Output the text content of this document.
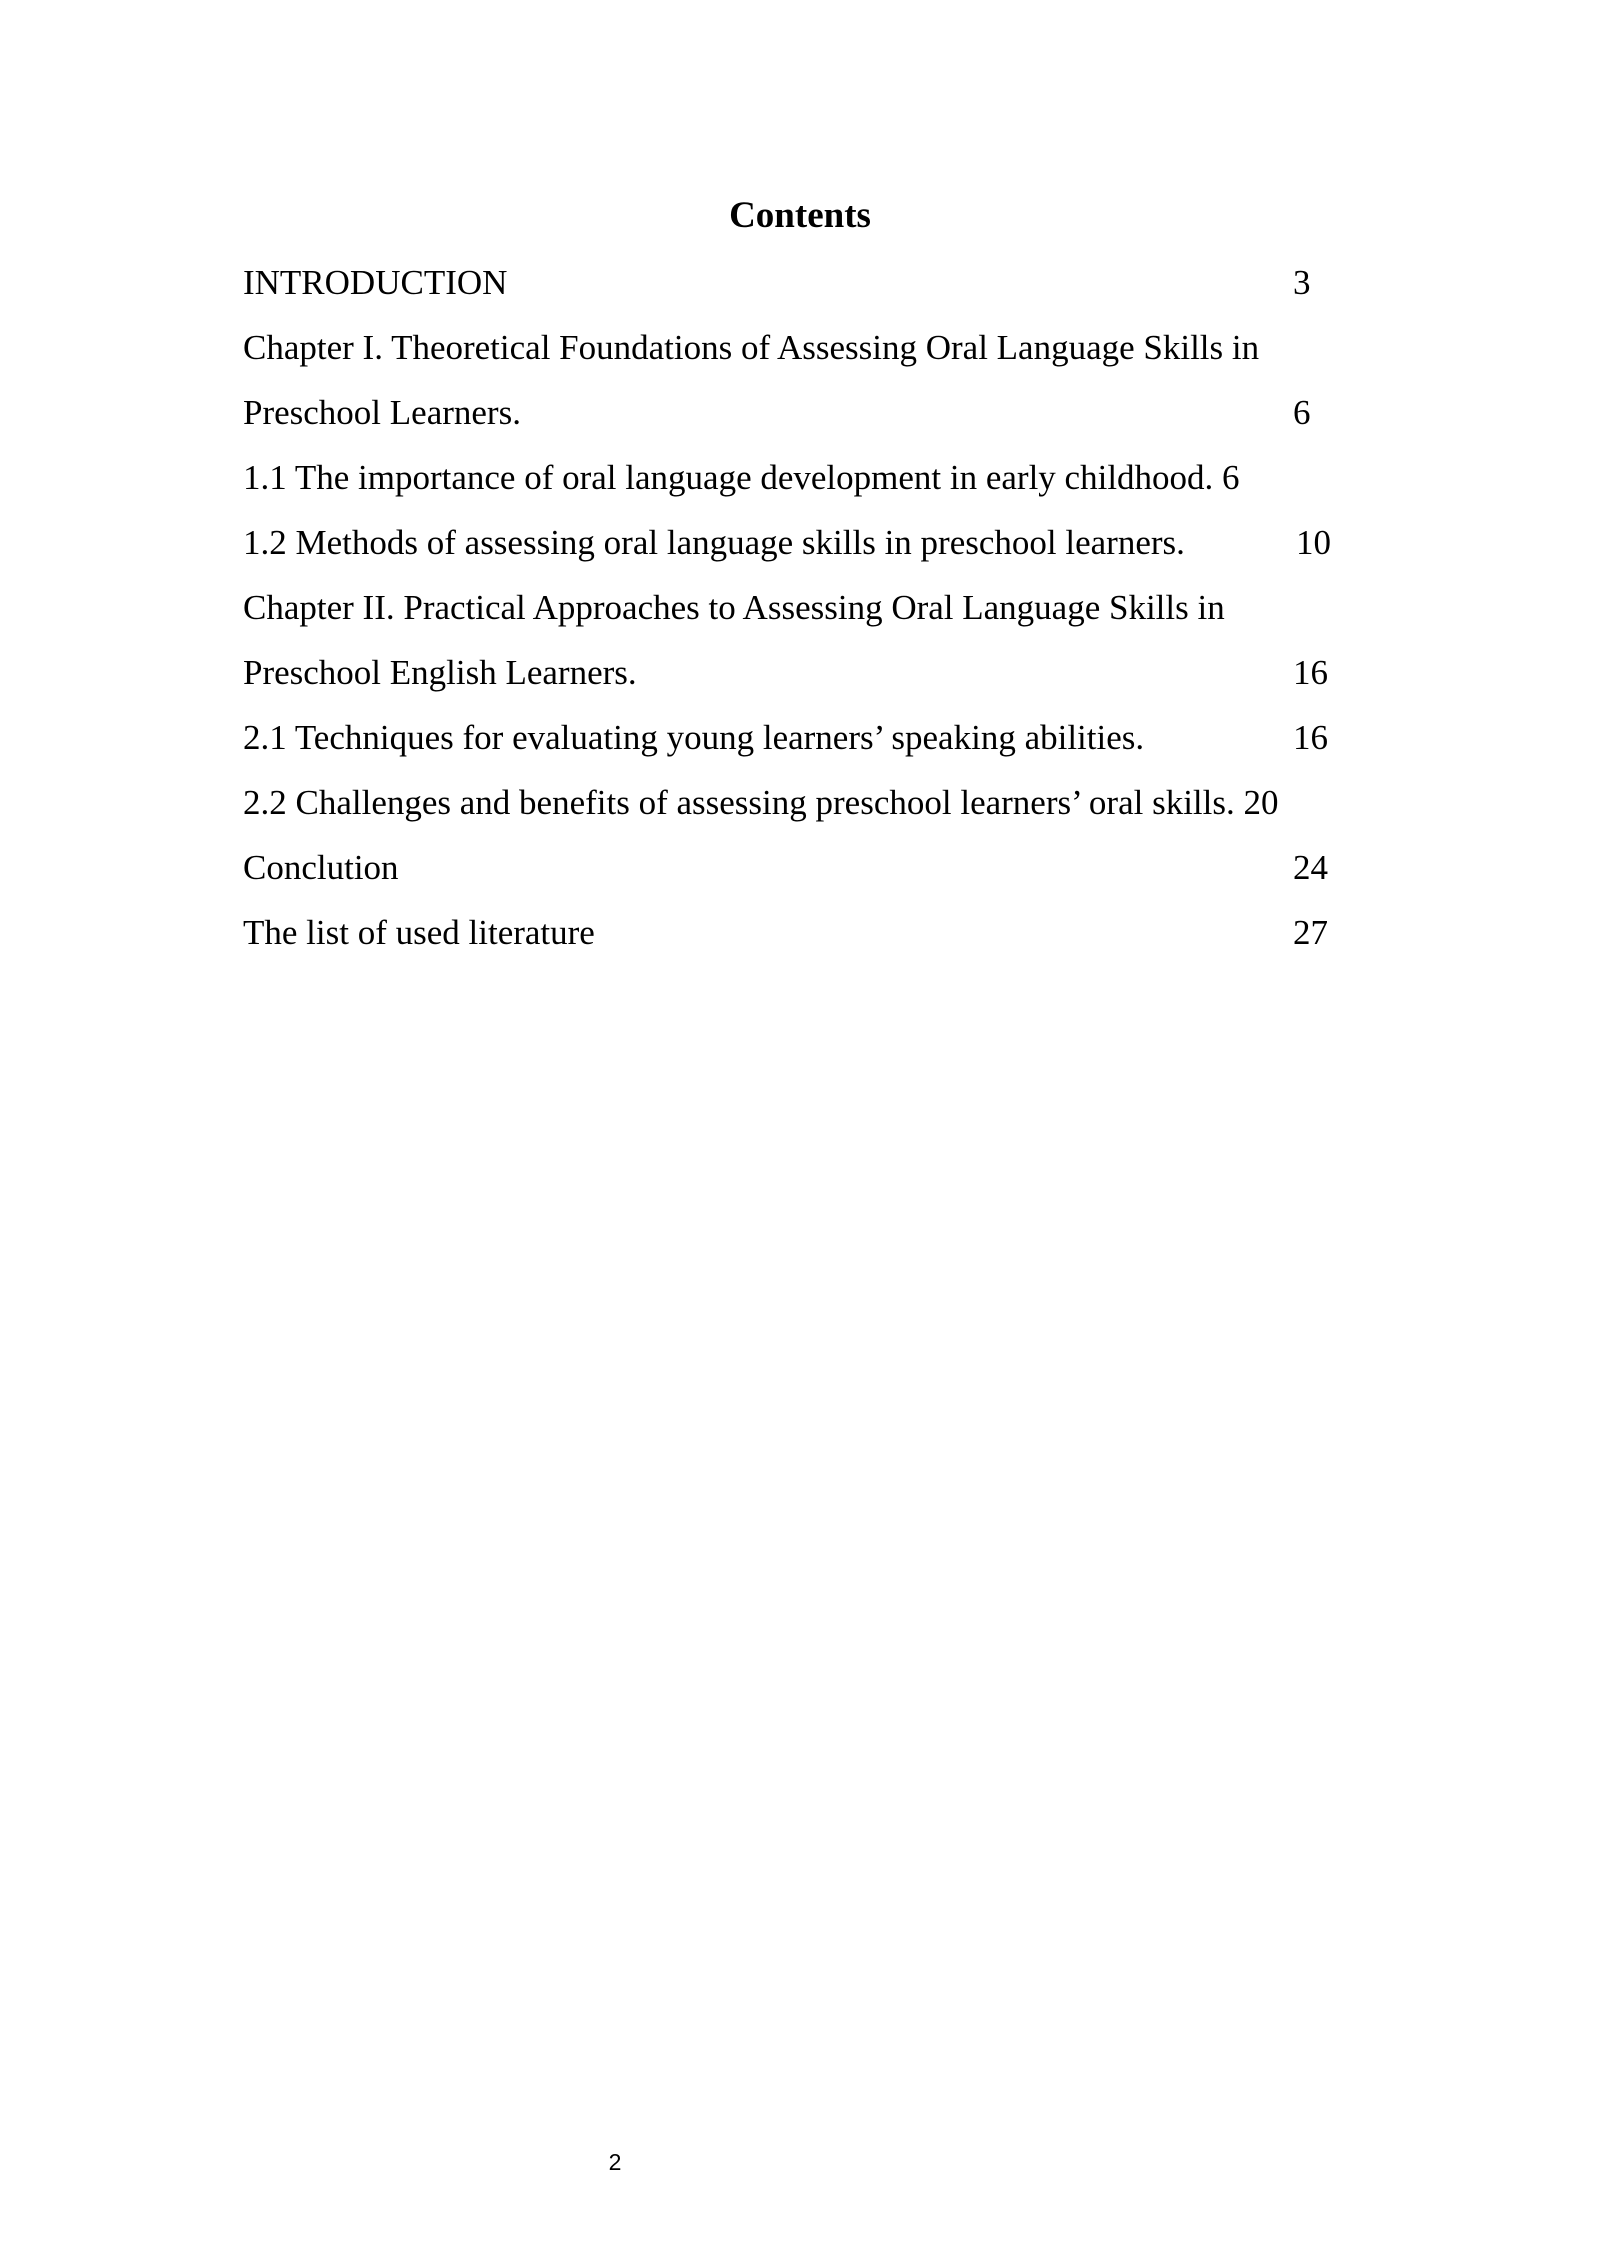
Contents
INTRODUCTION	3
Chapter I. Theoretical Foundations of Assessing Oral Language Skills in
Preschool Learners.	6
1.1 The importance of oral language development in early childhood. 6
1.2 Methods of assessing oral language skills in preschool learners.	10
Chapter II. Practical Approaches to Assessing Oral Language Skills in
Preschool English Learners.	16
2.1 Techniques for evaluating young learners’ speaking abilities.	16
2.2 Challenges and benefits of assessing preschool learners’ oral skills. 20
Conclution	24
The list of used literature	27
2
